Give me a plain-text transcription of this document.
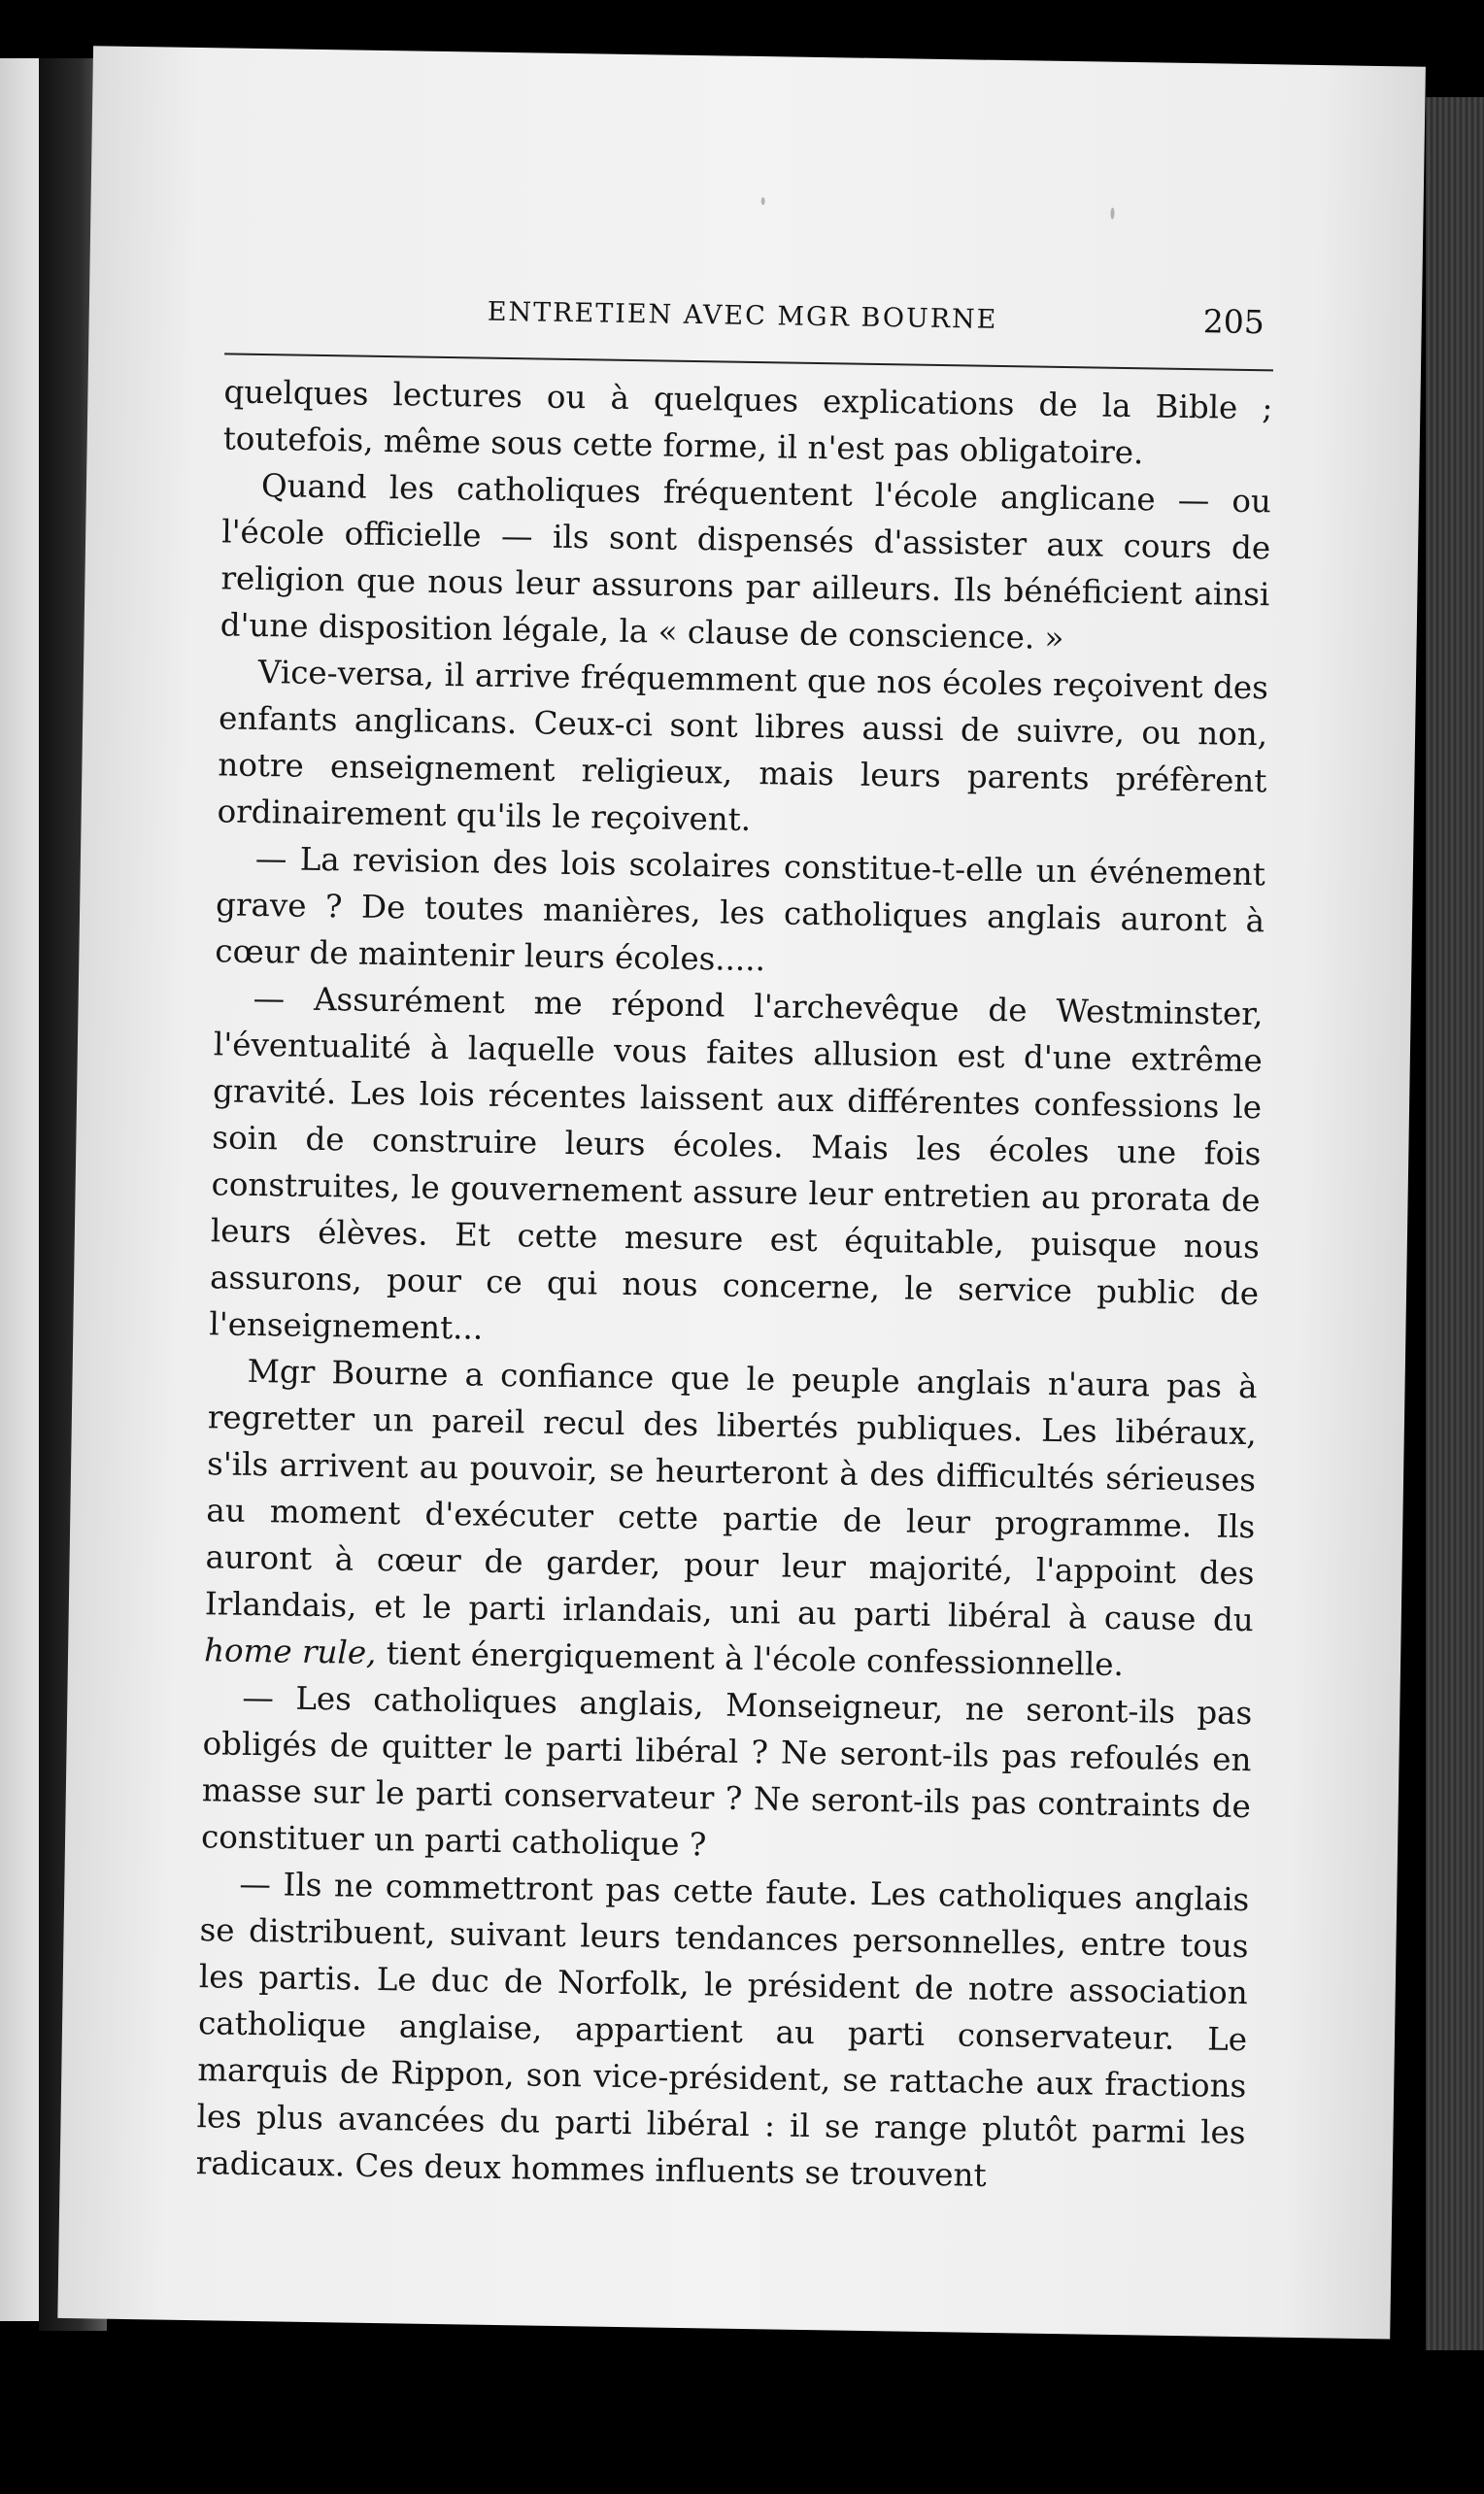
ENTRETIEN AVEC MGR BOURNE	205

quelques lectures ou à quelques explications de la Bible ; toutefois, même sous cette forme, il n'est pas obligatoire.

Quand les catholiques fréquentent l'école anglicane — ou l'école officielle — ils sont dispensés d'assister aux cours de religion que nous leur assurons par ailleurs. Ils bénéficient ainsi d'une disposition légale, la « clause de conscience. »

Vice-versa, il arrive fréquemment que nos écoles reçoivent des enfants anglicans. Ceux-ci sont libres aussi de suivre, ou non, notre enseignement religieux, mais leurs parents préfèrent ordinairement qu'ils le reçoivent.

— La revision des lois scolaires constitue-t-elle un événement grave ? De toutes manières, les catholiques anglais auront à cœur de maintenir leurs écoles.....

— Assurément me répond l'archevêque de Westminster, l'éventualité à laquelle vous faites allusion est d'une extrême gravité. Les lois récentes laissent aux différentes confessions le soin de construire leurs écoles. Mais les écoles une fois construites, le gouvernement assure leur entretien au prorata de leurs élèves. Et cette mesure est équitable, puisque nous assurons, pour ce qui nous concerne, le service public de l'enseignement...

Mgr Bourne a confiance que le peuple anglais n'aura pas à regretter un pareil recul des libertés publiques. Les libéraux, s'ils arrivent au pouvoir, se heurteront à des difficultés sérieuses au moment d'exécuter cette partie de leur programme. Ils auront à cœur de garder, pour leur majorité, l'appoint des Irlandais, et le parti irlandais, uni au parti libéral à cause du home rule, tient énergiquement à l'école confessionnelle.

— Les catholiques anglais, Monseigneur, ne seront-ils pas obligés de quitter le parti libéral ? Ne seront-ils pas refoulés en masse sur le parti conservateur ? Ne seront-ils pas contraints de constituer un parti catholique ?

— Ils ne commettront pas cette faute. Les catholiques anglais se distribuent, suivant leurs tendances personnelles, entre tous les partis. Le duc de Norfolk, le président de notre association catholique anglaise, appartient au parti conservateur. Le marquis de Rippon, son vice-président, se rattache aux fractions les plus avancées du parti libéral : il se range plutôt parmi les radicaux. Ces deux hommes influents se trouvent
